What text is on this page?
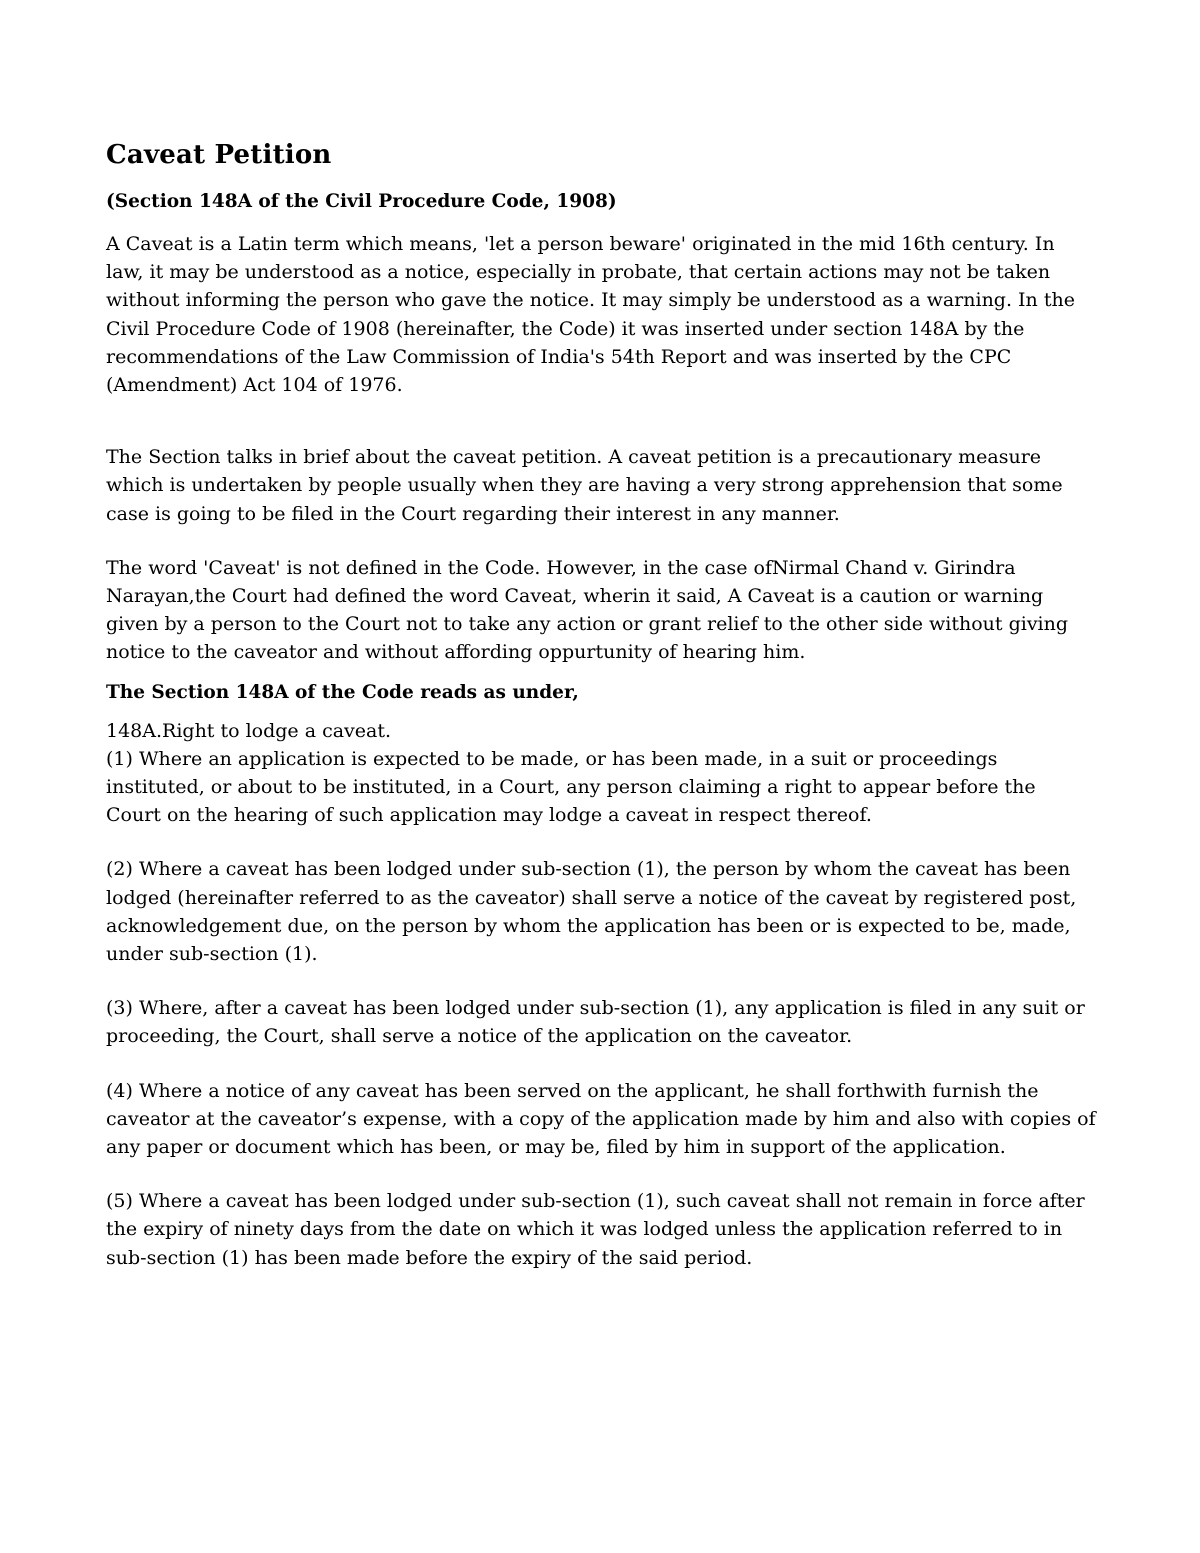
Caveat Petition
(Section 148A of the Civil Procedure Code, 1908)

A Caveat is a Latin term which means, 'let a person beware' originated in the mid 16th century. In law, it may be understood as a notice, especially in probate, that certain actions may not be taken without informing the person who gave the notice. It may simply be understood as a warning. In the Civil Procedure Code of 1908 (hereinafter, the Code) it was inserted under section 148A by the recommendations of the Law Commission of India's 54th Report and was inserted by the CPC (Amendment) Act 104 of 1976.

The Section talks in brief about the caveat petition. A caveat petition is a precautionary measure which is undertaken by people usually when they are having a very strong apprehension that some case is going to be filed in the Court regarding their interest in any manner.

The word 'Caveat' is not defined in the Code. However, in the case ofNirmal Chand v. Girindra Narayan,the Court had defined the word Caveat, wherin it said, A Caveat is a caution or warning given by a person to the Court not to take any action or grant relief to the other side without giving notice to the caveator and without affording oppurtunity of hearing him.

The Section 148A of the Code reads as under,

148A.Right to lodge a caveat.

(1) Where an application is expected to be made, or has been made, in a suit or proceedings instituted, or about to be instituted, in a Court, any person claiming a right to appear before the Court on the hearing of such application may lodge a caveat in respect thereof.

(2) Where a caveat has been lodged under sub-section (1), the person by whom the caveat has been lodged (hereinafter referred to as the caveator) shall serve a notice of the caveat by registered post, acknowledgement due, on the person by whom the application has been or is expected to be, made, under sub-section (1).

(3) Where, after a caveat has been lodged under sub-section (1), any application is filed in any suit or proceeding, the Court, shall serve a notice of the application on the caveator.

(4) Where a notice of any caveat has been served on the applicant, he shall forthwith furnish the caveator at the caveator’s expense, with a copy of the application made by him and also with copies of any paper or document which has been, or may be, filed by him in support of the application.

(5) Where a caveat has been lodged under sub-section (1), such caveat shall not remain in force after the expiry of ninety days from the date on which it was lodged unless the application referred to in sub-section (1) has been made before the expiry of the said period.
